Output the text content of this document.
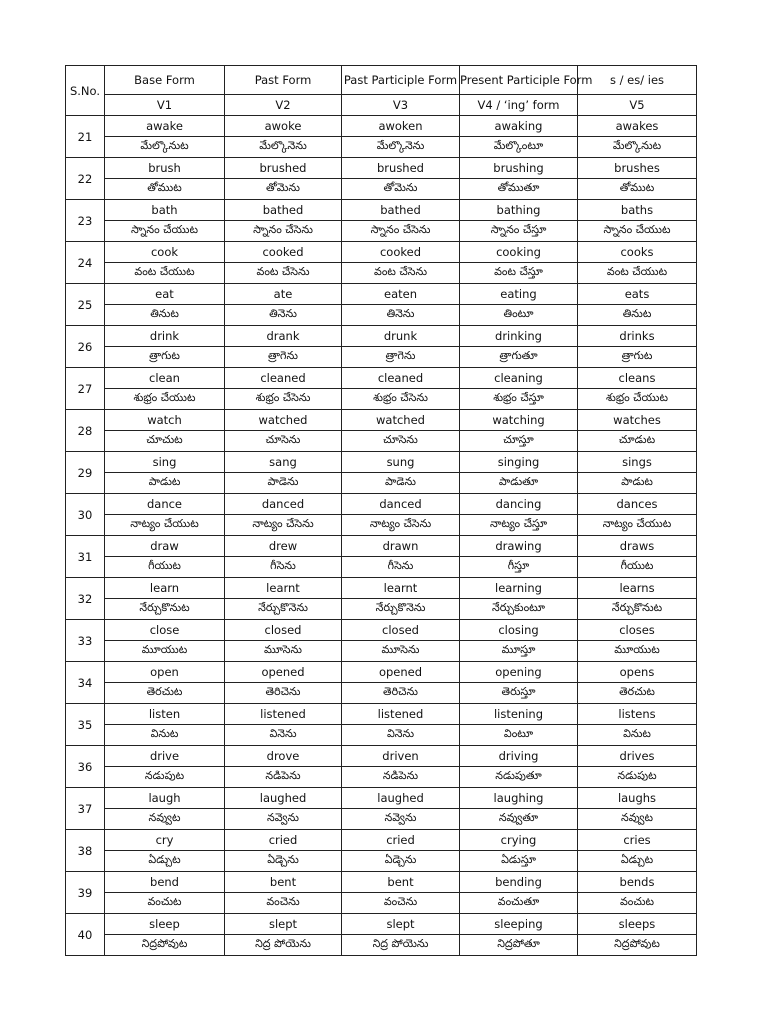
S.No.	Base Form	Past Form	Past Participle Form	Present Participle Form	s / es/ ies
	V1	V2	V3	V4 / ‘ing’ form	V5
21	awake	awoke	awoken	awaking	awakes
	మేల్కొనుట	మేల్కొనెను	మేల్కొనెను	మేల్కొంటూ	మేల్కొనుట
22	brush	brushed	brushed	brushing	brushes
	తోముట	తోమెను	తోమెను	తోముతూ	తోముట
23	bath	bathed	bathed	bathing	baths
	స్నానం చేయుట	స్నానం చేసెను	స్నానం చేసెను	స్నానం చేస్తూ	స్నానం చేయుట
24	cook	cooked	cooked	cooking	cooks
	వంట చేయుట	వంట చేసెను	వంట చేసెను	వంట చేస్తూ	వంట చేయుట
25	eat	ate	eaten	eating	eats
	తినుట	తినెను	తినెను	తింటూ	తినుట
26	drink	drank	drunk	drinking	drinks
	త్రాగుట	త్రాగెను	త్రాగెను	త్రాగుతూ	త్రాగుట
27	clean	cleaned	cleaned	cleaning	cleans
	శుభ్రం చేయుట	శుభ్రం చేసెను	శుభ్రం చేసెను	శుభ్రం చేస్తూ	శుభ్రం చేయుట
28	watch	watched	watched	watching	watches
	చూచుట	చూసెను	చూసెను	చూస్తూ	చూడుట
29	sing	sang	sung	singing	sings
	పాడుట	పాడెను	పాడెను	పాడుతూ	పాడుట
30	dance	danced	danced	dancing	dances
	నాట్యం చేయుట	నాట్యం చేసెను	నాట్యం చేసెను	నాట్యం చేస్తూ	నాట్యం చేయుట
31	draw	drew	drawn	drawing	draws
	గీయుట	గీసెను	గీసెను	గీస్తూ	గీయుట
32	learn	learnt	learnt	learning	learns
	నేర్చుకొనుట	నేర్చుకొనెను	నేర్చుకొనెను	నేర్చుకుంటూ	నేర్చుకొనుట
33	close	closed	closed	closing	closes
	మూయుట	మూసెను	మూసెను	మూస్తూ	మూయుట
34	open	opened	opened	opening	opens
	తెరచుట	తెరిచెను	తెరిచెను	తెరుస్తూ	తెరచుట
35	listen	listened	listened	listening	listens
	వినుట	వినెను	వినెను	వింటూ	వినుట
36	drive	drove	driven	driving	drives
	నడుపుట	నడిపెను	నడిపెను	నడుపుతూ	నడుపుట
37	laugh	laughed	laughed	laughing	laughs
	నవ్వుట	నవ్వెను	నవ్వెను	నవ్వుతూ	నవ్వుట
38	cry	cried	cried	crying	cries
	ఏడ్చుట	ఏడ్చెను	ఏడ్చెను	ఏడుస్తూ	ఏడ్చుట
39	bend	bent	bent	bending	bends
	వంచుట	వంచెను	వంచెను	వంచుతూ	వంచుట
40	sleep	slept	slept	sleeping	sleeps
	నిద్రపోవుట	నిద్ర పోయెను	నిద్ర పోయెను	నిద్రపోతూ	నిద్రపోవుట
